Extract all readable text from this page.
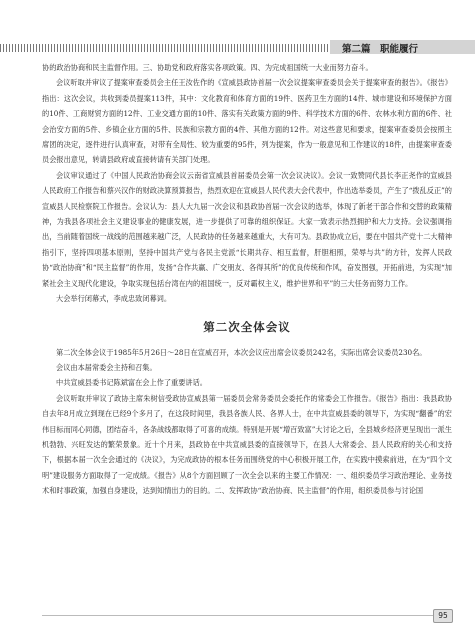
第二篇　职能履行

协的政治协商和民主监督作用。三、协助党和政府落实各项政策。四、为完成祖国统一大业而努力奋斗。

会议听取并审议了提案审查委员会主任王汝佐作的《宣威县政协首届一次会议提案审查委员会关于提案审查的报告》。《报告》指出：这次会议，共收到委员提案113件，其中：文化教育和体育方面的19件、医药卫生方面的14件、城市建设和环境保护方面的10件、工商财贸方面的12件、工业交通方面的10件、落实有关政策方面的9件、科学技术方面的6件、农林水利方面的6件、社会治安方面的5件、乡镇企业方面的5件、民族和宗教方面的4件、其他方面的12件。对这些意见和要求，提案审查委员会按照主席团的决定，逐件进行认真审查，对带有全局性、较为重要的95件，列为提案，作为一般意见和工作建议的18件，由提案审查委员会报出意见，转请县政府或直接转请有关部门处理。

会议审议通过了《中国人民政治协商会议云南省宣威县首届委员会第一次会议决议》。会议一致赞同代县长李正尧作的宣威县人民政府工作报告和蔡兴汉作的财政决算预算报告，热烈欢迎在宣威县人民代表大会代表中，作出选举委员，产生了“拨乱反正”的宣威县人民检察院工作报告。会议认为：县人大九届一次会议和县政协首届一次会议的选举，体现了新老干部合作和交替的政策精神，为我县各项社会主义建设事业的健康发展，进一步提供了可靠的组织保证。大家一致表示热烈拥护和大力支持。会议强调指出，当前随着国统一战线的范围越来越广泛，人民政协的任务越来越重大，大有可为。县政协成立后，要在中国共产党十二大精神指引下，坚持四项基本原则，坚持中国共产党与各民主党派“长期共存、相互监督，肝胆相照，荣辱与共”的方针，发挥人民政协“政治协商”和“民主监督”的作用，发扬“合作共赢、广交朋友、各得其所”的优良传统和作风，奋发图强，开拓前进，为实现“加紧社会主义现代化建设，争取实现包括台湾在内的祖国统一，反对霸权主义，维护世界和平”的三大任务而努力工作。

大会举行闭幕式，李成忠致闭幕词。

第二次全体会议

第二次全体会议于1985年5月26日～28日在宣威召开，本次会议应出席会议委员242名，实际出席会议委员230名。

会议由本届常委会主持和召集。

中共宣威县委书记陈斌富在会上作了重要讲话。

会议听取并审议了政协主席朱树信受政协宣威县第一届委员会常务委员会委托作的常委会工作报告。《报告》指出：我县政协自去年8月成立到现在已经9个多月了，在这段时间里，我县各族人民、各界人士，在中共宣威县委的领导下，为实现“翻番”的宏伟目标而同心同德，团结奋斗，各条战线都取得了可喜的成绩。特别是开展“增百致富”大讨论之后，全县城乡经济更呈现出一派生机勃勃、兴旺发达的繁荣景象。近十个月来，县政协在中共宣威县委的直接领导下，在县人大常委会、县人民政府的关心和支持下，根据本届一次全会通过的《决议》，为完成政协的根本任务而围绕党的中心积极开展工作，在实践中摸索前进，在为“四个文明”建设服务方面取得了一定成绩。《报告》从8个方面回顾了一次全会以来的主要工作情况：一、组织委员学习政治理论、业务技术和时事政策，加强自身建设，达到知情出力的目的。二、发挥政协“政治协商、民主监督”的作用，组织委员参与讨论国

95
